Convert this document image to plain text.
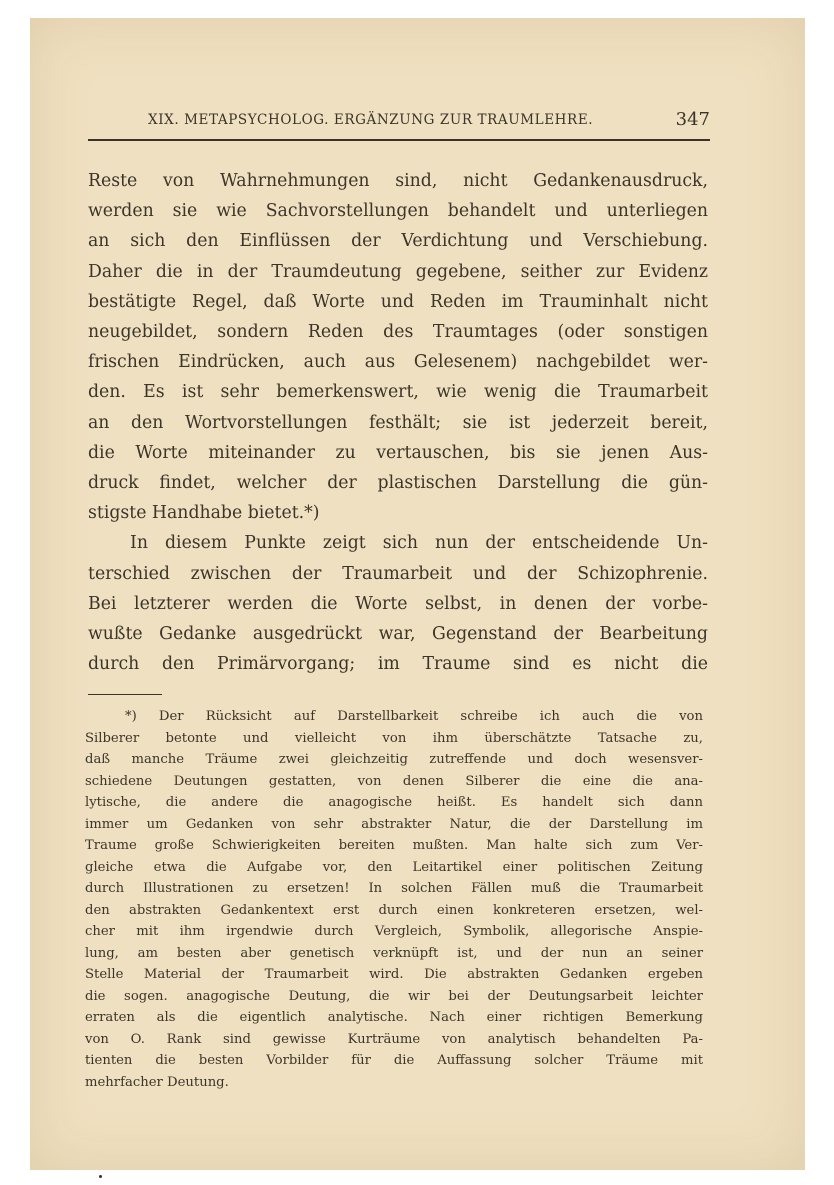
XIX. METAPSYCHOLOG. ERGÄNZUNG ZUR TRAUMLEHRE.	347

Reste von Wahrnehmungen sind, nicht Gedankenausdruck,
werden sie wie Sachvorstellungen behandelt und unterliegen
an sich den Einflüssen der Verdichtung und Verschiebung.
Daher die in der Traumdeutung gegebene, seither zur Evidenz
bestätigte Regel, daß Worte und Reden im Trauminhalt nicht
neugebildet, sondern Reden des Traumtages (oder sonstigen
frischen Eindrücken, auch aus Gelesenem) nachgebildet wer-
den. Es ist sehr bemerkenswert, wie wenig die Traumarbeit
an den Wortvorstellungen festhält; sie ist jederzeit bereit,
die Worte miteinander zu vertauschen, bis sie jenen Aus-
druck findet, welcher der plastischen Darstellung die gün-
stigste Handhabe bietet.*)

In diesem Punkte zeigt sich nun der entscheidende Un-
terschied zwischen der Traumarbeit und der Schizophrenie.
Bei letzterer werden die Worte selbst, in denen der vorbe-
wußte Gedanke ausgedrückt war, Gegenstand der Bearbeitung
durch den Primärvorgang; im Traume sind es nicht die

*) Der Rücksicht auf Darstellbarkeit schreibe ich auch die von
Silberer betonte und vielleicht von ihm überschätzte Tatsache zu,
daß manche Träume zwei gleichzeitig zutreffende und doch wesensver-
schiedene Deutungen gestatten, von denen Silberer die eine die ana-
lytische, die andere die anagogische heißt. Es handelt sich dann
immer um Gedanken von sehr abstrakter Natur, die der Darstellung im
Traume große Schwierigkeiten bereiten mußten. Man halte sich zum Ver-
gleiche etwa die Aufgabe vor, den Leitartikel einer politischen Zeitung
durch Illustrationen zu ersetzen! In solchen Fällen muß die Traumarbeit
den abstrakten Gedankentext erst durch einen konkreteren ersetzen, wel-
cher mit ihm irgendwie durch Vergleich, Symbolik, allegorische Anspie-
lung, am besten aber genetisch verknüpft ist, und der nun an seiner
Stelle Material der Traumarbeit wird. Die abstrakten Gedanken ergeben
die sogen. anagogische Deutung, die wir bei der Deutungsarbeit leichter
erraten als die eigentlich analytische. Nach einer richtigen Bemerkung
von O. Rank sind gewisse Kurträume von analytisch behandelten Pa-
tienten die besten Vorbilder für die Auffassung solcher Träume mit
mehrfacher Deutung.
